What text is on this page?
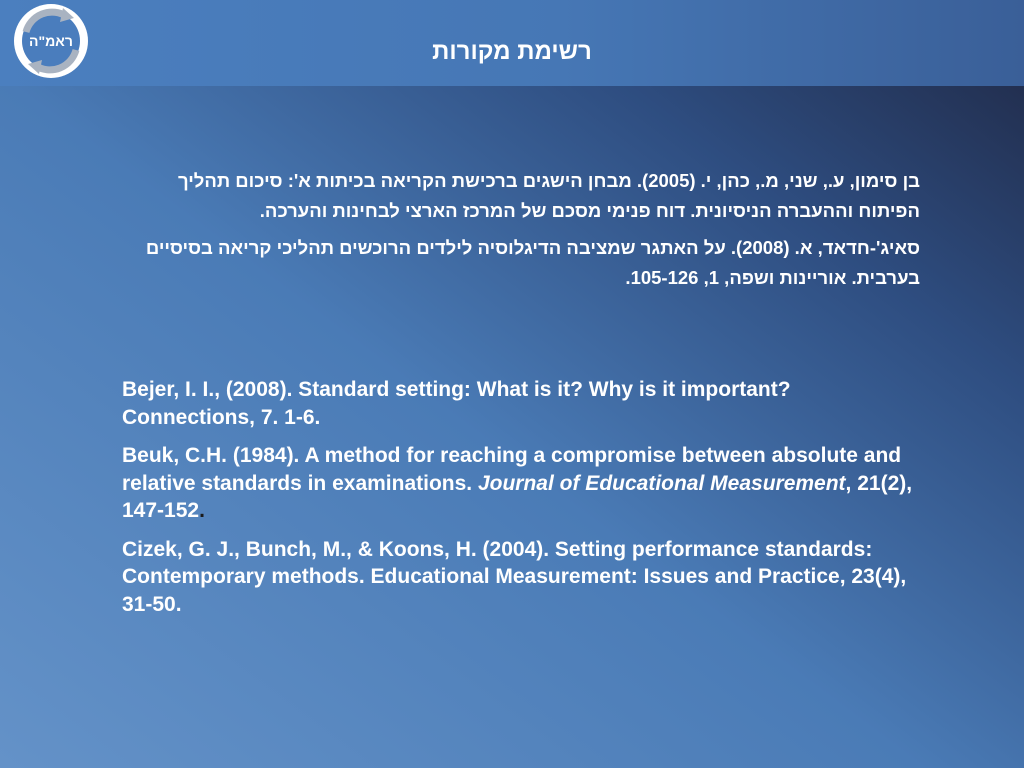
ראמ"ה	רשימת מקורות

בן סימון, ע., שני, מ., כהן, י. (2005). מבחן הישגים ברכישת הקריאה בכיתות א': סיכום תהליך הפיתוח וההעברה הניסיונית. דוח פנימי מסכם של המרכז הארצי לבחינות והערכה.

סאיג'-חדאד, א. (2008). על האתגר שמציבה הדיגלוסיה לילדים הרוכשים תהליכי קריאה בסיסיים בערבית. אוריינות ושפה, 1, 105-126.

Bejer, I. I., (2008). Standard setting: What is it? Why is it important? Connections, 7. 1-6.

Beuk, C.H. (1984). A method for reaching a compromise between absolute and relative standards in examinations. Journal of Educational Measurement, 21(2), 147-152.

Cizek, G. J., Bunch, M., & Koons, H. (2004). Setting performance standards: Contemporary methods. Educational Measurement: Issues and Practice, 23(4), 31-50.
